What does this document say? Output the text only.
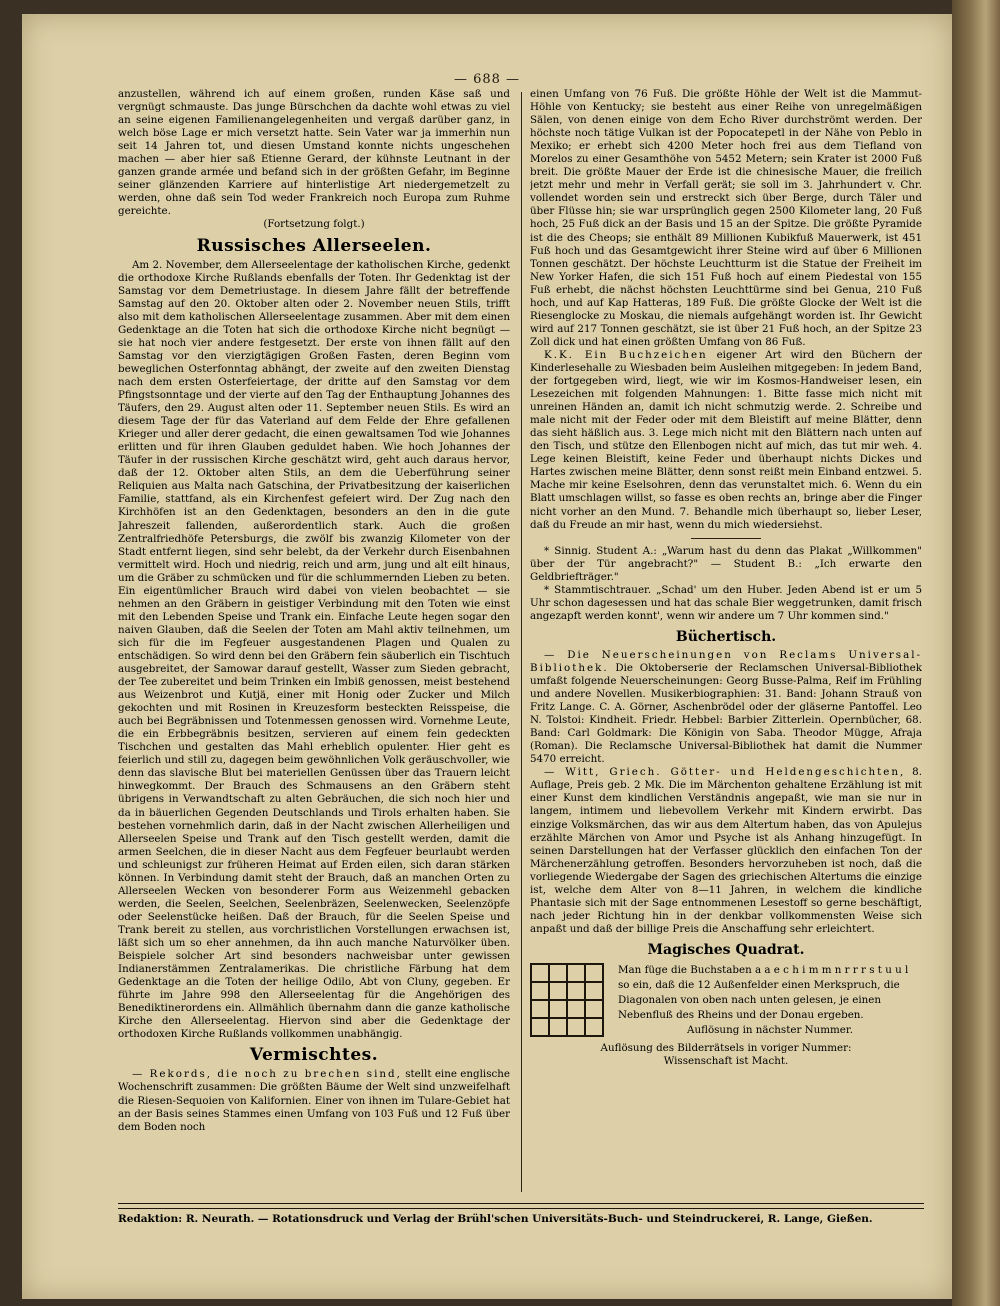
— 688 —

anzustellen, während ich auf einem großen, runden Käse saß und vergnügt schmauste. Das junge Bürschchen da dachte wohl etwas zu viel an seine eigenen Familienangelegenheiten und vergaß darüber ganz, in welch böse Lage er mich versetzt hatte. Sein Vater war ja immerhin nun seit 14 Jahren tot, und diesen Umstand konnte nichts ungeschehen machen — aber hier saß Etienne Gerard, der kühnste Leutnant in der ganzen grande armée und befand sich in der größten Gefahr, im Beginne seiner glänzenden Karriere auf hinterlistige Art niedergemetzelt zu werden, ohne daß sein Tod weder Frankreich noch Europa zum Ruhme gereichte.

(Fortsetzung folgt.)

Russisches Allerseelen.

Am 2. November, dem Allerseelentage der katholischen Kirche, gedenkt die orthodoxe Kirche Rußlands ebenfalls der Toten. Ihr Gedenktag ist der Samstag vor dem Demetriustage. In diesem Jahre fällt der betreffende Samstag auf den 20. Oktober alten oder 2. November neuen Stils, trifft also mit dem katholischen Allerseelentage zusammen. Aber mit dem einen Gedenktage an die Toten hat sich die orthodoxe Kirche nicht begnügt — sie hat noch vier andere festgesetzt. Der erste von ihnen fällt auf den Samstag vor den vierzigtägigen Großen Fasten, deren Beginn vom beweglichen Osterfonntag abhängt, der zweite auf den zweiten Dienstag nach dem ersten Osterfeiertage, der dritte auf den Samstag vor dem Pfingstsonntage und der vierte auf den Tag der Enthauptung Johannes des Täufers, den 29. August alten oder 11. September neuen Stils. Es wird an diesem Tage der für das Vaterland auf dem Felde der Ehre gefallenen Krieger und aller derer gedacht, die einen gewaltsamen Tod wie Johannes erlitten und für ihren Glauben geduldet haben. Wie hoch Johannes der Täufer in der russischen Kirche geschätzt wird, geht auch daraus hervor, daß der 12. Oktober alten Stils, an dem die Ueberführung seiner Reliquien aus Malta nach Gatschina, der Privatbesitzung der kaiserlichen Familie, stattfand, als ein Kirchenfest gefeiert wird. Der Zug nach den Kirchhöfen ist an den Gedenktagen, besonders an den in die gute Jahreszeit fallenden, außerordentlich stark. Auch die großen Zentralfriedhöfe Petersburgs, die zwölf bis zwanzig Kilometer von der Stadt entfernt liegen, sind sehr belebt, da der Verkehr durch Eisenbahnen vermittelt wird. Hoch und niedrig, reich und arm, jung und alt eilt hinaus, um die Gräber zu schmücken und für die schlummernden Lieben zu beten. Ein eigentümlicher Brauch wird dabei von vielen beobachtet — sie nehmen an den Gräbern in geistiger Verbindung mit den Toten wie einst mit den Lebenden Speise und Trank ein. Einfache Leute hegen sogar den naiven Glauben, daß die Seelen der Toten am Mahl aktiv teilnehmen, um sich für die im Fegfeuer ausgestandenen Plagen und Qualen zu entschädigen. So wird denn bei den Gräbern fein säuberlich ein Tischtuch ausgebreitet, der Samowar darauf gestellt, Wasser zum Sieden gebracht, der Tee zubereitet und beim Trinken ein Imbiß genossen, meist bestehend aus Weizenbrot und Kutjä, einer mit Honig oder Zucker und Milch gekochten und mit Rosinen in Kreuzesform besteckten Reisspeise, die auch bei Begräbnissen und Totenmessen genossen wird. Vornehme Leute, die ein Erbbegräbnis besitzen, servieren auf einem fein gedeckten Tischchen und gestalten das Mahl erheblich opulenter. Hier geht es feierlich und still zu, dagegen beim gewöhnlichen Volk geräuschvoller, wie denn das slavische Blut bei materiellen Genüssen über das Trauern leicht hinwegkommt. Der Brauch des Schmausens an den Gräbern steht übrigens in Verwandtschaft zu alten Gebräuchen, die sich noch hier und da in bäuerlichen Gegenden Deutschlands und Tirols erhalten haben. Sie bestehen vornehmlich darin, daß in der Nacht zwischen Allerheiligen und Allerseelen Speise und Trank auf den Tisch gestellt werden, damit die armen Seelchen, die in dieser Nacht aus dem Fegfeuer beurlaubt werden und schleunigst zur früheren Heimat auf Erden eilen, sich daran stärken können. In Verbindung damit steht der Brauch, daß an manchen Orten zu Allerseelen Wecken von besonderer Form aus Weizenmehl gebacken werden, die Seelen, Seelchen, Seelenbräzen, Seelenwecken, Seelenzöpfe oder Seelenstücke heißen. Daß der Brauch, für die Seelen Speise und Trank bereit zu stellen, aus vorchristlichen Vorstellungen erwachsen ist, läßt sich um so eher annehmen, da ihn auch manche Naturvölker üben. Beispiele solcher Art sind besonders nachweisbar unter gewissen Indianerstämmen Zentralamerikas. Die christliche Färbung hat dem Gedenktage an die Toten der heilige Odilo, Abt von Cluny, gegeben. Er führte im Jahre 998 den Allerseelentag für die Angehörigen des Benediktinerordens ein. Allmählich übernahm dann die ganze katholische Kirche den Allerseelentag. Hiervon sind aber die Gedenktage der orthodoxen Kirche Rußlands vollkommen unabhängig.

Vermischtes.

— Rekords, die noch zu brechen sind, stellt eine englische Wochenschrift zusammen: Die größten Bäume der Welt sind unzweifelhaft die Riesen-Sequoien von Kalifornien. Einer von ihnen im Tulare-Gebiet hat an der Basis seines Stammes einen Umfang von 103 Fuß und 12 Fuß über dem Boden noch

einen Umfang von 76 Fuß. Die größte Höhle der Welt ist die Mammut-Höhle von Kentucky; sie besteht aus einer Reihe von unregelmäßigen Sälen, von denen einige von dem Echo River durchströmt werden. Der höchste noch tätige Vulkan ist der Popocatepetl in der Nähe von Peblo in Mexiko; er erhebt sich 4200 Meter hoch frei aus dem Tiefland von Morelos zu einer Gesamthöhe von 5452 Metern; sein Krater ist 2000 Fuß breit. Die größte Mauer der Erde ist die chinesische Mauer, die freilich jetzt mehr und mehr in Verfall gerät; sie soll im 3. Jahrhundert v. Chr. vollendet worden sein und erstreckt sich über Berge, durch Täler und über Flüsse hin; sie war ursprünglich gegen 2500 Kilometer lang, 20 Fuß hoch, 25 Fuß dick an der Basis und 15 an der Spitze. Die größte Pyramide ist die des Cheops; sie enthält 89 Millionen Kubikfuß Mauerwerk, ist 451 Fuß hoch und das Gesamtgewicht ihrer Steine wird auf über 6 Millionen Tonnen geschätzt. Der höchste Leuchtturm ist die Statue der Freiheit im New Yorker Hafen, die sich 151 Fuß hoch auf einem Piedestal von 155 Fuß erhebt, die nächst höchsten Leuchttürme sind bei Genua, 210 Fuß hoch, und auf Kap Hatteras, 189 Fuß. Die größte Glocke der Welt ist die Riesenglocke zu Moskau, die niemals aufgehängt worden ist. Ihr Gewicht wird auf 217 Tonnen geschätzt, sie ist über 21 Fuß hoch, an der Spitze 23 Zoll dick und hat einen größten Umfang von 86 Fuß.

K.K. Ein Buchzeichen eigener Art wird den Büchern der Kinderlesehalle zu Wiesbaden beim Ausleihen mitgegeben: In jedem Band, der fortgegeben wird, liegt, wie wir im Kosmos-Handweiser lesen, ein Lesezeichen mit folgenden Mahnungen: 1. Bitte fasse mich nicht mit unreinen Händen an, damit ich nicht schmutzig werde. 2. Schreibe und male nicht mit der Feder oder mit dem Bleistift auf meine Blätter, denn das sieht häßlich aus. 3. Lege mich nicht mit den Blättern nach unten auf den Tisch, und stütze den Ellenbogen nicht auf mich, das tut mir weh. 4. Lege keinen Bleistift, keine Feder und überhaupt nichts Dickes und Hartes zwischen meine Blätter, denn sonst reißt mein Einband entzwei. 5. Mache mir keine Eselsohren, denn das verunstaltet mich. 6. Wenn du ein Blatt umschlagen willst, so fasse es oben rechts an, bringe aber die Finger nicht vorher an den Mund. 7. Behandle mich überhaupt so, lieber Leser, daß du Freude an mir hast, wenn du mich wiedersiehst.

* Sinnig. Student A.: „Warum hast du denn das Plakat „Willkommen" über der Tür angebracht?" — Student B.: „Ich erwarte den Geldbriefträger."

* Stammtischtrauer. „Schad' um den Huber. Jeden Abend ist er um 5 Uhr schon dagesessen und hat das schale Bier weggetrunken, damit frisch angezapft werden konnt', wenn wir andere um 7 Uhr kommen sind."

Büchertisch.

— Die Neuerscheinungen von Reclams Universal-Bibliothek. Die Oktoberserie der Reclamschen Universal-Bibliothek umfaßt folgende Neuerscheinungen: Georg Busse-Palma, Reif im Frühling und andere Novellen. Musikerbiographien: 31. Band: Johann Strauß von Fritz Lange. C. A. Görner, Aschenbrödel oder der gläserne Pantoffel. Leo N. Tolstoi: Kindheit. Friedr. Hebbel: Barbier Zitterlein. Opernbücher, 68. Band: Carl Goldmark: Die Königin von Saba. Theodor Mügge, Afraja (Roman). Die Reclamsche Universal-Bibliothek hat damit die Nummer 5470 erreicht.

— Witt, Griech. Götter- und Heldengeschichten, 8. Auflage, Preis geb. 2 Mk. Die im Märchenton gehaltene Erzählung ist mit einer Kunst dem kindlichen Verständnis angepaßt, wie man sie nur in langem, intimem und liebevollem Verkehr mit Kindern erwirbt. Das einzige Volksmärchen, das wir aus dem Altertum haben, das von Apulejus erzählte Märchen von Amor und Psyche ist als Anhang hinzugefügt. In seinen Darstellungen hat der Verfasser glücklich den einfachen Ton der Märchenerzählung getroffen. Besonders hervorzuheben ist noch, daß die vorliegende Wiedergabe der Sagen des griechischen Altertums die einzige ist, welche dem Alter von 8—11 Jahren, in welchem die kindliche Phantasie sich mit der Sage entnommenen Lesestoff so gerne beschäftigt, nach jeder Richtung hin in der denkbar vollkommensten Weise sich anpaßt und daß der billige Preis die Anschaffung sehr erleichtert.

Magisches Quadrat.
Man füge die Buchstaben a a e c h i m m n r r r s t u u l so ein, daß die 12 Außenfelder einen Merkspruch, die Diagonalen von oben nach unten gelesen, je einen Nebenfluß des Rheins und der Donau ergeben.
Auflösung in nächster Nummer.

Auflösung des Bilderrätsels in voriger Nummer:

Wissenschaft ist Macht.

Redaktion: R. Neurath. — Rotationsdruck und Verlag der Brühl'schen Universitäts-Buch- und Steindruckerei, R. Lange, Gießen.
